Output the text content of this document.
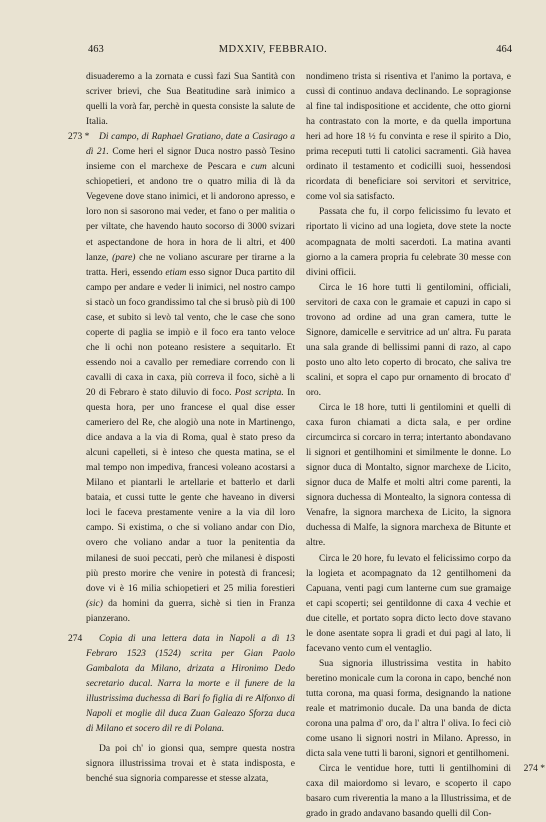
MDXXIV, FEBBRAIO.
463	464

disuaderemo a la zornata e cussì fazi Sua Santità con scriver brievi, che Sua Beatitudine sarà inimico a quelli la vorà far, perchè in questa consiste la salute de Italia.

273 * Di campo, di Raphael Gratiano, date a Casirago a dì 21. Come heri el signor Duca nostro passò Tesino insieme con el marchexe de Pescara e cum alcuni schiopetieri, et andono tre o quatro milia di là da Vegevene dove stano inimici, et li andorono apresso, e loro non si sasorono mai veder, et fano o per malitia o per viltate, che havendo hauto socorso di 3000 svizari et aspectandone de hora in hora de li altri, et 400 lanze, (pare) che ne voliano ascurare per tirarne a la tratta. Heri, essendo etiam esso signor Duca partito dil campo per andare e veder li inimici, nel nostro campo si stacò un foco grandissimo tal che si brusò più di 100 case, et subito si levò tal vento, che le case che sono coperte di paglia se impiò e il foco era tanto veloce che li ochi non poteano resistere a sequitarlo. Et essendo noi a cavallo per remediare correndo con li cavalli di caxa in caxa, più correva il foco, sichè a li 20 di Febraro è stato diluvio di foco. Post scripta. In questa hora, per uno francese el qual dise esser cameriero del Re, che alogiò una note in Martinengo, dice andava a la via di Roma, qual è stato preso da alcuni capelleti, si è inteso che questa matina, se el mal tempo non impediva, francesi voleano acostarsi a Milano et piantarli le artellarie et batterlo et darli bataia, et cussi tutte le gente che haveano in diversi loci le faceva prestamente venire a la via dil loro campo. Si existima, o che si voliano andar con Dio, overo che voliano andar a tuor la penitentia da milanesi de suoi peccati, però che milanesi è disposti più presto morire che venire in potestà di francesi; dove vi è 16 milia schiopetieri et 25 milia forestieri (sic) da homini da guerra, sichè si tien in Franza pianzerano.

274 Copia di una lettera data in Napoli a dì 13 Febraro 1523 (1524) scrita per Gian Paolo Gambalota da Milano, drizata a Hironimo Dedo secretario ducal. Narra la morte e il funere de la illustrissima duchessa di Bari fo figlia di re Alfonxo di Napoli et moglie dil duca Zuan Galeazo Sforza duca di Milano et socero dil re di Polana.

Da poi ch' io gionsi qua, sempre questa nostra signora illustrissima trovai et è stata indisposta, e benché sua signoria comparesse et stesse alzata,

nondimeno trista si risentiva et l'animo la portava, e cussì di continuo andava declinando. Le sopragionse al fine tal indispositione et accidente, che otto giorni ha contrastato con la morte, e da quella importuna heri ad hore 18 ½ fu convinta e rese il spirito a Dio, prima receputi tutti li catolici sacramenti. Già havea ordinato il testamento et codicilli suoi, hessendosi ricordata di beneficiare soi servitori et servitrice, come vol sia satisfacto.

Passata che fu, il corpo felicissimo fu levato et riportato li vicino ad una logieta, dove stete la nocte acompagnata de molti sacerdoti. La matina avanti giorno a la camera propria fu celebrate 30 messe con divini officii.

Circa le 16 hore tutti li gentilomini, officiali, servitori de caxa con le gramaie et capuzi in capo si trovono ad ordine ad una gran camera, tutte le Signore, damicelle e servitrice ad un' altra. Fu parata una sala grande di bellissimi panni di razo, al capo posto uno alto leto coperto di brocato, che saliva tre scalini, et sopra el capo pur ornamento di brocato d' oro.

Circa le 18 hore, tutti li gentilomini et quelli di caxa furon chiamati a dicta sala, e per ordine circumcirca si corcaro in terra; intertanto abondavano li signori et gentilhomini et similmente le donne. Lo signor duca di Montalto, signor marchexe de Licito, signor duca de Malfe et molti altri come parenti, la signora duchessa di Montealto, la signora contessa di Venafre, la signora marchexa de Licito, la signora duchessa di Malfe, la signora marchexa de Bitunte et altre.

Circa le 20 hore, fu levato el felicissimo corpo da la logieta et acompagnato da 12 gentilhomeni da Capuana, venti pagi cum lanterne cum sue gramaige et capi scoperti; sei gentildonne di caxa 4 vechie et due citelle, et portato sopra dicto lecto dove stavano le done asentate sopra li gradi et dui pagi al lato, li facevano vento cum el ventaglio.

Sua signoria illustrissima vestita in habito beretino monicale cum la corona in capo, benché non tutta corona, ma quasi forma, designando la natione reale et matrimonio ducale. Da una banda de dicta corona una palma d' oro, da l' altra l' oliva. Io feci ciò come usano li signori nostri in Milano. Apresso, in dicta sala vene tutti li baroni, signori et gentilhomeni.

274 *
Circa le ventidue hore, tutti li gentilhomini di caxa dil maiordomo si levaro, e scoperto il capo basaro cum riverentia la mano a la Illustrissima, et de grado in grado andavano basando quelli dil Con-
